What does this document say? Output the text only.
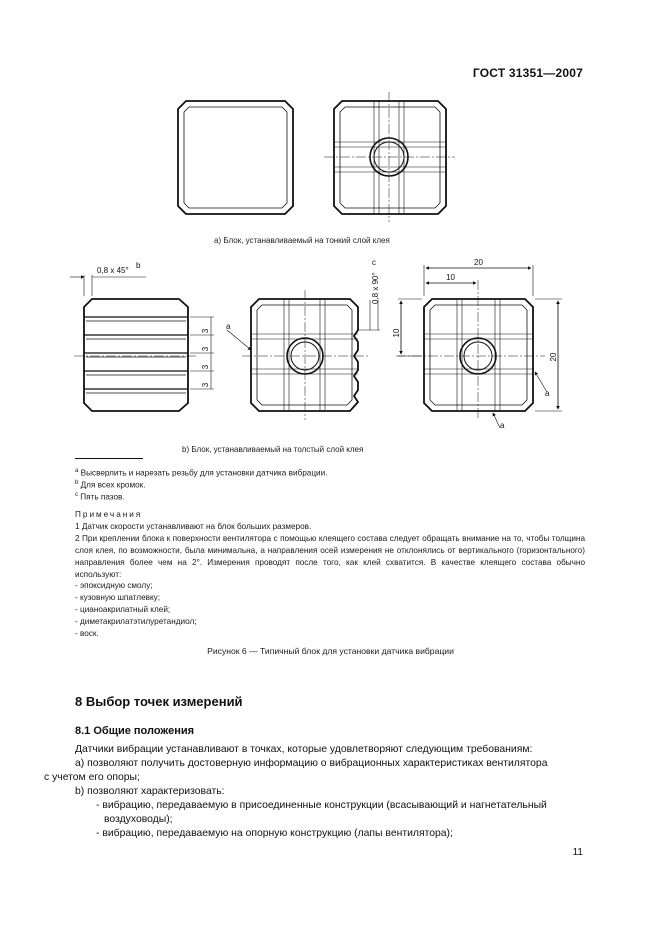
ГОСТ 31351—2007
0,8 x 45°
b
3
3
3
3
0,8 x 90°
c	20
10
10
20
a
a
a
a) Блок, устанавливаемый на тонкий слой клея
b) Блок, устанавливаемый на толстый слой клея
$^a$ Высверлить и нарезать резьбу для установки датчика вибрации.
$^b$ Для всех кромок.
$^c$ Пять пазов.
Примечания
1 Датчик скорости устанавливают на блок больших размеров.
2 При креплении блока к поверхности вентилятора с помощью клеящего состава следует обращать внимание на то, чтобы толщина слоя клея, по возможности, была минимальна, а направления осей измерения не отклонялись от вертикального (горизонтального) направления более чем на 2°. Измерения проводят после того, как клей схватится. В качестве клеящего состава обычно используют:
- эпоксидную смолу;
- кузовную шпатлевку;
- цианоакрилатный клей;
- диметакрилатэтилуретандиол;
- воск.
Рисунок 6 — Типичный блок для установки датчика вибрации
8 Выбор точек измерений
8.1 Общие положения
Датчики вибрации устанавливают в точках, которые удовлетворяют следующим требованиям:
a) позволяют получить достоверную информацию о вибрационных характеристиках вентилятора
с учетом его опоры;
b) позволяют характеризовать:
- вибрацию, передаваемую в присоединенные конструкции (всасывающий и нагнетательный
воздуховоды);
- вибрацию, передаваемую на опорную конструкцию (лапы вентилятора);
11
